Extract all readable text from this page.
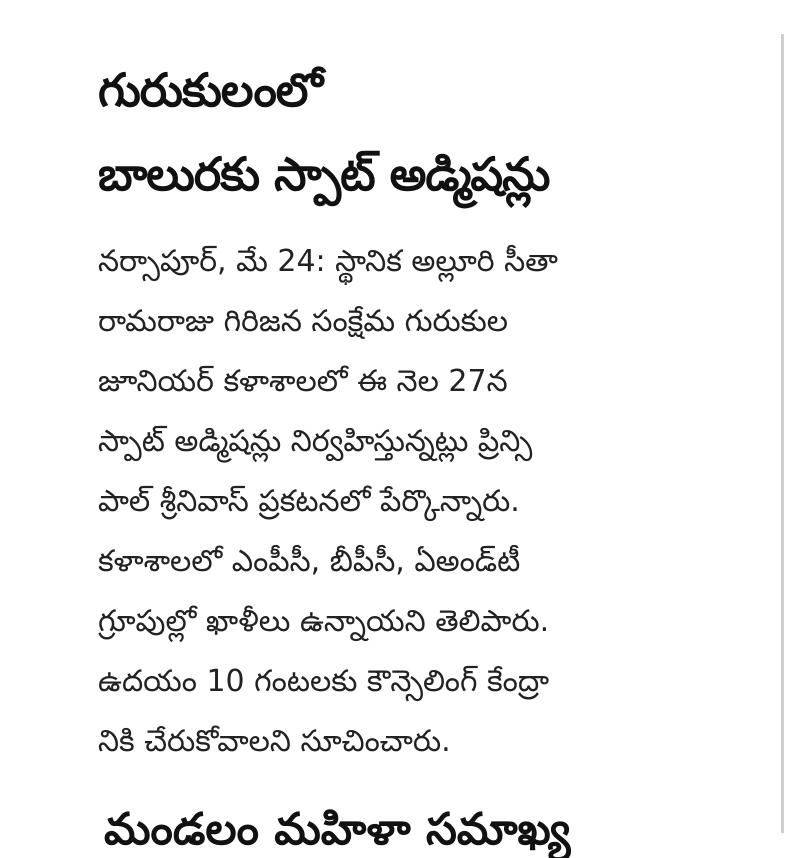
గురుకులంలో
బాలురకు స్పాట్ అడ్మిషన్లు
నర్సాపూర్, మే 24: స్థానిక అల్లూరి సీతా
రామరాజు గిరిజన సంక్షేమ గురుకుల
జూనియర్ కళాశాలలో ఈ నెల 27న
స్పాట్ అడ్మిషన్లు నిర్వహిస్తున్నట్లు ప్రిన్సి
పాల్ శ్రీనివాస్ ప్రకటనలో పేర్కొన్నారు.
కళాశాలలో ఎంపీసీ, బీపీసీ, ఏఅండ్‌టీ
గ్రూపుల్లో ఖాళీలు ఉన్నాయని తెలిపారు.
ఉదయం 10 గంటలకు కౌన్సెలింగ్ కేంద్రా
నికి చేరుకోవాలని సూచించారు.
మండలం మహిళా సమాఖ్య
